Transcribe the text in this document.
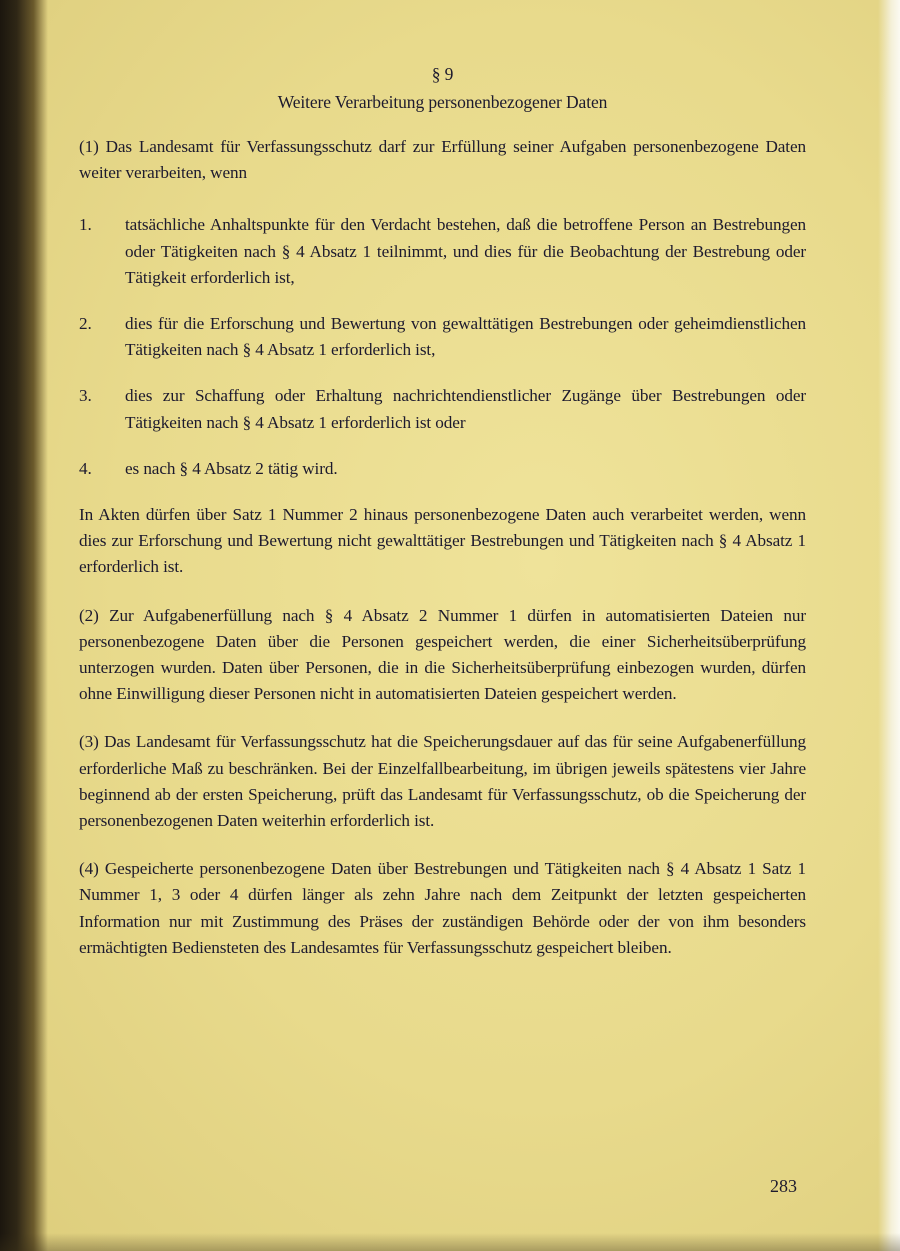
§ 9
Weitere Verarbeitung personenbezogener Daten

(1) Das Landesamt für Verfassungsschutz darf zur Erfüllung seiner Aufgaben personenbezogene Daten weiter verarbeiten, wenn

1.	tatsächliche Anhaltspunkte für den Verdacht bestehen, daß die betroffene Person an Bestrebungen oder Tätigkeiten nach § 4 Absatz 1 teilnimmt, und dies für die Beobachtung der Bestrebung oder Tätigkeit erforderlich ist,
2.	dies für die Erforschung und Bewertung von gewalttätigen Bestrebungen oder geheimdienstlichen Tätigkeiten nach § 4 Absatz 1 erforderlich ist,
3.	dies zur Schaffung oder Erhaltung nachrichtendienstlicher Zugänge über Bestrebungen oder Tätigkeiten nach § 4 Absatz 1 erforderlich ist oder
4.	es nach § 4 Absatz 2 tätig wird.

In Akten dürfen über Satz 1 Nummer 2 hinaus personenbezogene Daten auch verarbeitet werden, wenn dies zur Erforschung und Bewertung nicht gewalttätiger Bestrebungen und Tätigkeiten nach § 4 Absatz 1 erforderlich ist.

(2) Zur Aufgabenerfüllung nach § 4 Absatz 2 Nummer 1 dürfen in automatisierten Dateien nur personenbezogene Daten über die Personen gespeichert werden, die einer Sicherheitsüberprüfung unterzogen wurden. Daten über Personen, die in die Sicherheitsüberprüfung einbezogen wurden, dürfen ohne Einwilligung dieser Personen nicht in automatisierten Dateien gespeichert werden.

(3) Das Landesamt für Verfassungsschutz hat die Speicherungsdauer auf das für seine Aufgabenerfüllung erforderliche Maß zu beschränken. Bei der Einzelfallbearbeitung, im übrigen jeweils spätestens vier Jahre beginnend ab der ersten Speicherung, prüft das Landesamt für Verfassungsschutz, ob die Speicherung der personenbezogenen Daten weiterhin erforderlich ist.

(4) Gespeicherte personenbezogene Daten über Bestrebungen und Tätigkeiten nach § 4 Absatz 1 Satz 1 Nummer 1, 3 oder 4 dürfen länger als zehn Jahre nach dem Zeitpunkt der letzten gespeicherten Information nur mit Zustimmung des Präses der zuständigen Behörde oder der von ihm besonders ermächtigten Bediensteten des Landesamtes für Verfassungsschutz gespeichert bleiben.

283
